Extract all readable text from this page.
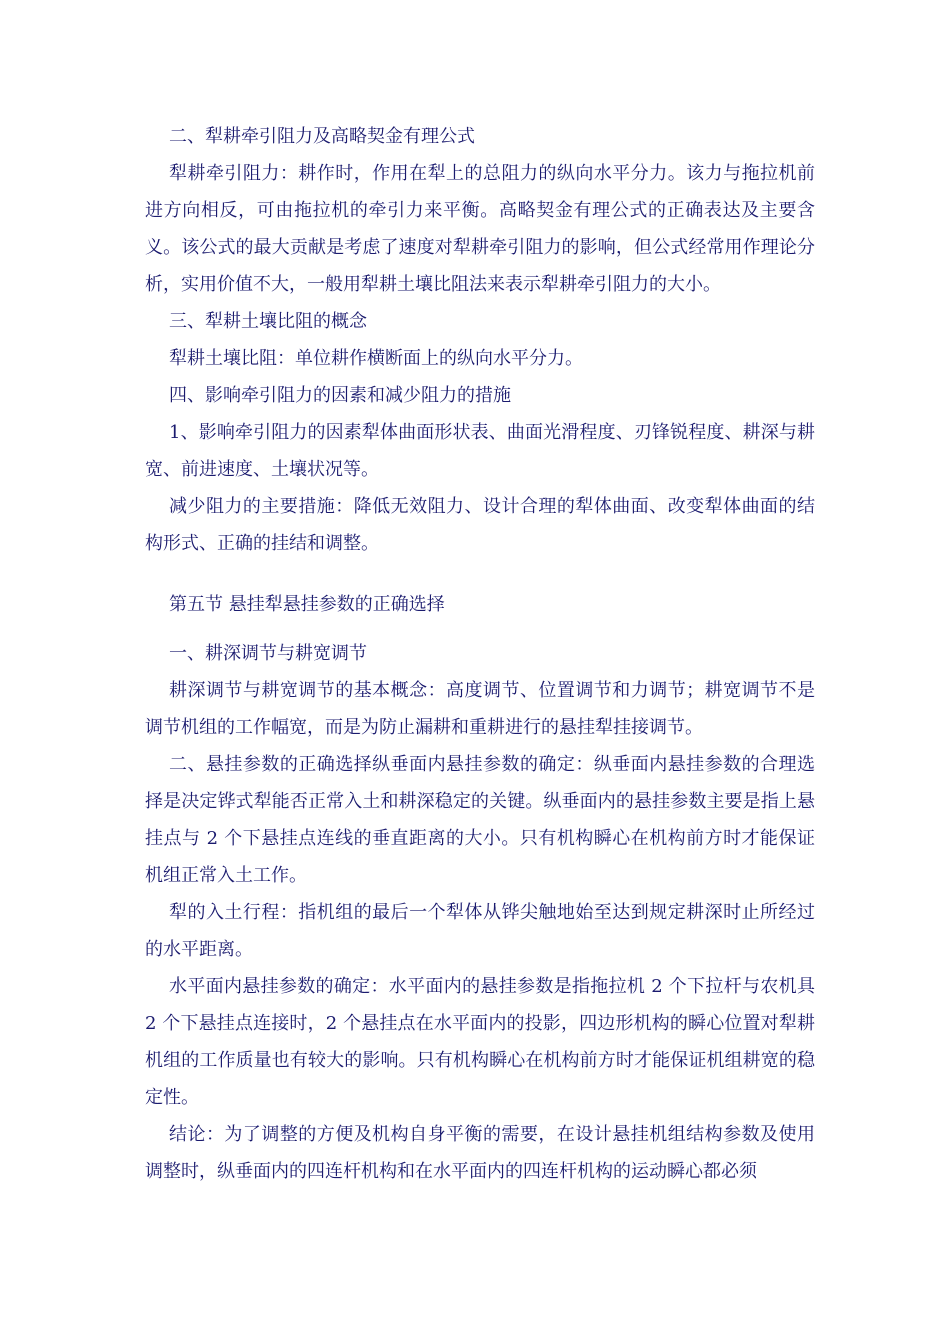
二、犁耕牵引阻力及高略契金有理公式

犁耕牵引阻力：耕作时，作用在犁上的总阻力的纵向水平分力。该力与拖拉机前进方向相反，可由拖拉机的牵引力来平衡。高略契金有理公式的正确表达及主要含义。该公式的最大贡献是考虑了速度对犁耕牵引阻力的影响，但公式经常用作理论分析，实用价值不大，一般用犁耕土壤比阻法来表示犁耕牵引阻力的大小。

三、犁耕土壤比阻的概念

犁耕土壤比阻：单位耕作横断面上的纵向水平分力。

四、影响牵引阻力的因素和减少阻力的措施

1、影响牵引阻力的因素犁体曲面形状表、曲面光滑程度、刃锋锐程度、耕深与耕宽、前进速度、土壤状况等。

减少阻力的主要措施：降低无效阻力、设计合理的犁体曲面、改变犁体曲面的结构形式、正确的挂结和调整。

第五节 悬挂犁悬挂参数的正确选择

一、耕深调节与耕宽调节

耕深调节与耕宽调节的基本概念：高度调节、位置调节和力调节；耕宽调节不是调节机组的工作幅宽，而是为防止漏耕和重耕进行的悬挂犁挂接调节。

二、悬挂参数的正确选择纵垂面内悬挂参数的确定：纵垂面内悬挂参数的合理选择是决定铧式犁能否正常入土和耕深稳定的关键。纵垂面内的悬挂参数主要是指上悬挂点与 2 个下悬挂点连线的垂直距离的大小。只有机构瞬心在机构前方时才能保证机组正常入土工作。

犁的入土行程：指机组的最后一个犁体从铧尖触地始至达到规定耕深时止所经过的水平距离。

水平面内悬挂参数的确定：水平面内的悬挂参数是指拖拉机 2 个下拉杆与农机具 2 个下悬挂点连接时，2 个悬挂点在水平面内的投影，四边形机构的瞬心位置对犁耕机组的工作质量也有较大的影响。只有机构瞬心在机构前方时才能保证机组耕宽的稳定性。

结论：为了调整的方便及机构自身平衡的需要，在设计悬挂机组结构参数及使用调整时，纵垂面内的四连杆机构和在水平面内的四连杆机构的运动瞬心都必须
